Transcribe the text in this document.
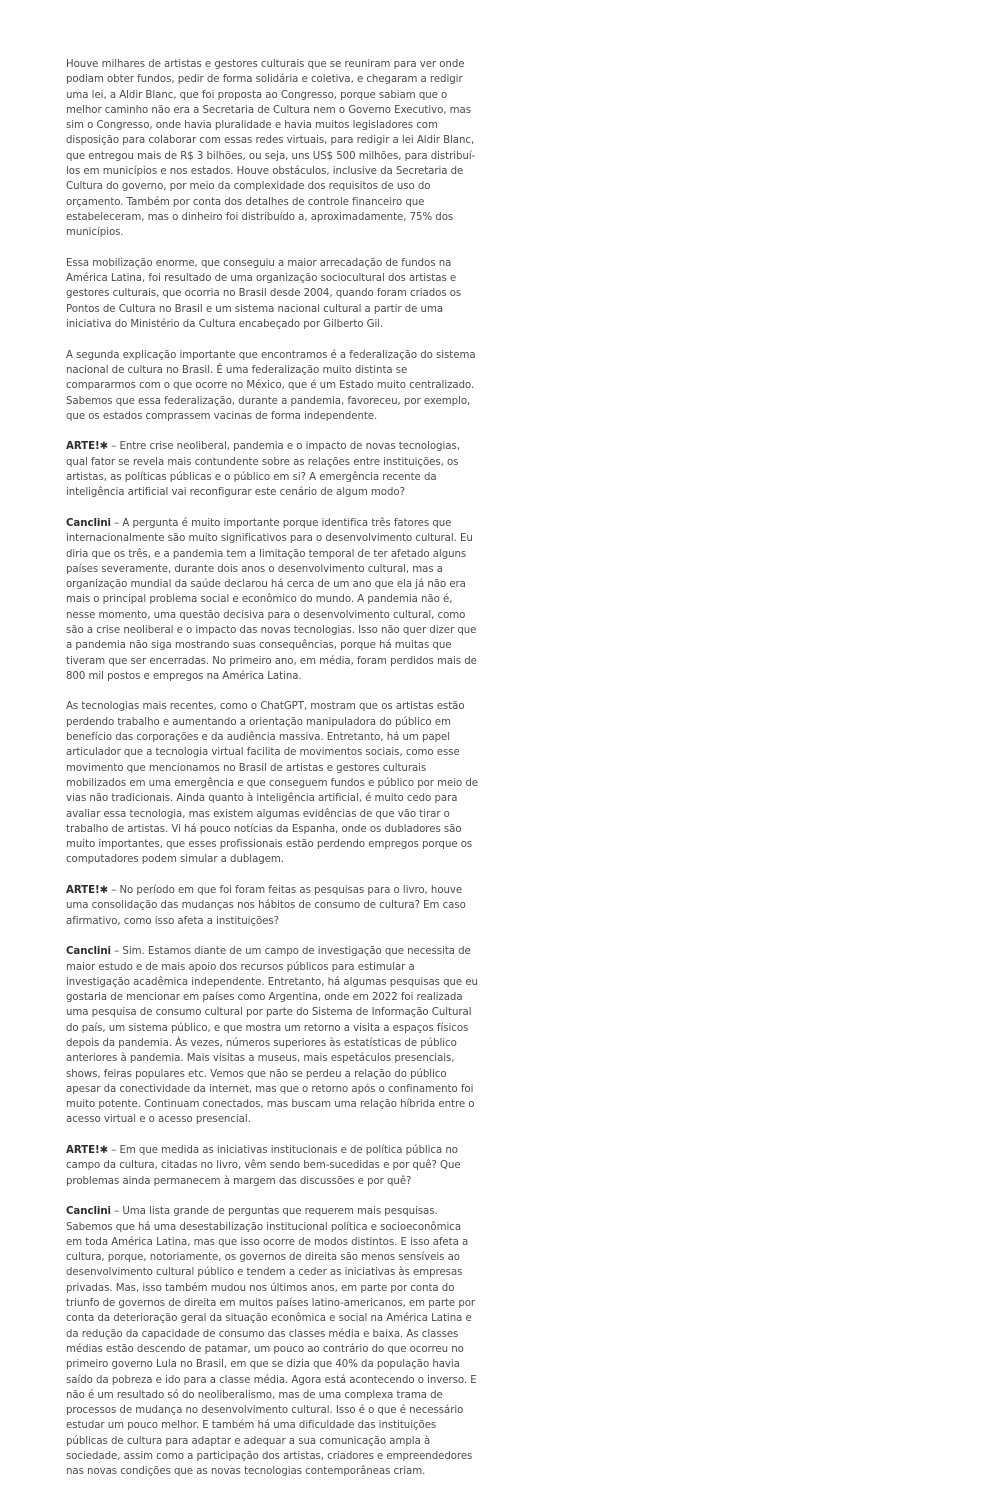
Houve milhares de artistas e gestores culturais que se reuniram para ver onde podiam obter fundos, pedir de forma solidária e coletiva, e chegaram a redigir uma lei, a Aldir Blanc, que foi proposta ao Congresso, porque sabiam que o melhor caminho não era a Secretaria de Cultura nem o Governo Executivo, mas sim o Congresso, onde havia pluralidade e havia muitos legisladores com disposição para colaborar com essas redes virtuais, para redigir a lei Aldir Blanc, que entregou mais de R$ 3 bilhões, ou seja, uns US$ 500 milhões, para distribuí-los em municípios e nos estados. Houve obstáculos, inclusive da Secretaria de Cultura do governo, por meio da complexidade dos requisitos de uso do orçamento. Também por conta dos detalhes de controle financeiro que estabeleceram, mas o dinheiro foi distribuído a, aproximadamente, 75% dos municípios.

Essa mobilização enorme, que conseguiu a maior arrecadação de fundos na América Latina, foi resultado de uma organização sociocultural dos artistas e gestores culturais, que ocorria no Brasil desde 2004, quando foram criados os Pontos de Cultura no Brasil e um sistema nacional cultural a partir de uma iniciativa do Ministério da Cultura encabeçado por Gilberto Gil.

A segunda explicação importante que encontramos é a federalização do sistema nacional de cultura no Brasil. É uma federalização muito distinta se compararmos com o que ocorre no México, que é um Estado muito centralizado. Sabemos que essa federalização, durante a pandemia, favoreceu, por exemplo, que os estados comprassem vacinas de forma independente.

ARTE!✱ – Entre crise neoliberal, pandemia e o impacto de novas tecnologias, qual fator se revela mais contundente sobre as relações entre instituições, os artistas, as políticas públicas e o público em si? A emergência recente da inteligência artificial vai reconfigurar este cenário de algum modo?

Canclini – A pergunta é muito importante porque identifica três fatores que internacionalmente são muito significativos para o desenvolvimento cultural. Eu diria que os três, e a pandemia tem a limitação temporal de ter afetado alguns países severamente, durante dois anos o desenvolvimento cultural, mas a organização mundial da saúde declarou há cerca de um ano que ela já não era mais o principal problema social e econômico do mundo. A pandemia não é, nesse momento, uma questão decisiva para o desenvolvimento cultural, como são a crise neoliberal e o impacto das novas tecnologias. Isso não quer dizer que a pandemia não siga mostrando suas consequências, porque há muitas que tiveram que ser encerradas. No primeiro ano, em média, foram perdidos mais de 800 mil postos e empregos na América Latina.

As tecnologias mais recentes, como o ChatGPT, mostram que os artistas estão perdendo trabalho e aumentando a orientação manipuladora do público em benefício das corporações e da audiência massiva. Entretanto, há um papel articulador que a tecnologia virtual facilita de movimentos sociais, como esse movimento que mencionamos no Brasil de artistas e gestores culturais mobilizados em uma emergência e que conseguem fundos e público por meio de vias não tradicionais. Ainda quanto à inteligência artificial, é muito cedo para avaliar essa tecnologia, mas existem algumas evidências de que vão tirar o trabalho de artistas. Vi há pouco notícias da Espanha, onde os dubladores são muito importantes, que esses profissionais estão perdendo empregos porque os computadores podem simular a dublagem.

ARTE!✱ – No período em que foi foram feitas as pesquisas para o livro, houve uma consolidação das mudanças nos hábitos de consumo de cultura? Em caso afirmativo, como isso afeta a instituições?

Canclini – Sim. Estamos diante de um campo de investigação que necessita de maior estudo e de mais apoio dos recursos públicos para estimular a investigação acadêmica independente. Entretanto, há algumas pesquisas que eu gostaria de mencionar em países como Argentina, onde em 2022 foi realizada uma pesquisa de consumo cultural por parte do Sistema de Informação Cultural do país, um sistema público, e que mostra um retorno a visita a espaços físicos depois da pandemia. Às vezes, números superiores às estatísticas de público anteriores à pandemia. Mais visitas a museus, mais espetáculos presenciais, shows, feiras populares etc. Vemos que não se perdeu a relação do público apesar da conectividade da internet, mas que o retorno após o confinamento foi muito potente. Continuam conectados, mas buscam uma relação híbrida entre o acesso virtual e o acesso presencial.

ARTE!✱ – Em que medida as iniciativas institucionais e de política pública no campo da cultura, citadas no livro, vêm sendo bem-sucedidas e por quê? Que problemas ainda permanecem à margem das discussões e por quê?

Canclini – Uma lista grande de perguntas que requerem mais pesquisas. Sabemos que há uma desestabilização institucional política e socioeconômica em toda América Latina, mas que isso ocorre de modos distintos. E isso afeta a cultura, porque, notoriamente, os governos de direita são menos sensíveis ao desenvolvimento cultural público e tendem a ceder as iniciativas às empresas privadas. Mas, isso também mudou nos últimos anos, em parte por conta do triunfo de governos de direita em muitos países latino-americanos, em parte por conta da deterioração geral da situação econômica e social na América Latina e da redução da capacidade de consumo das classes média e baixa. As classes médias estão descendo de patamar, um pouco ao contrário do que ocorreu no primeiro governo Lula no Brasil, em que se dizia que 40% da população havia saído da pobreza e ido para a classe média. Agora está acontecendo o inverso. E não é um resultado só do neoliberalismo, mas de uma complexa trama de processos de mudança no desenvolvimento cultural. Isso é o que é necessário estudar um pouco melhor. E também há uma dificuldade das instituições públicas de cultura para adaptar e adequar a sua comunicação ampla à sociedade, assim como a participação dos artistas, criadores e empreendedores nas novas condições que as novas tecnologias contemporâneas criam.
